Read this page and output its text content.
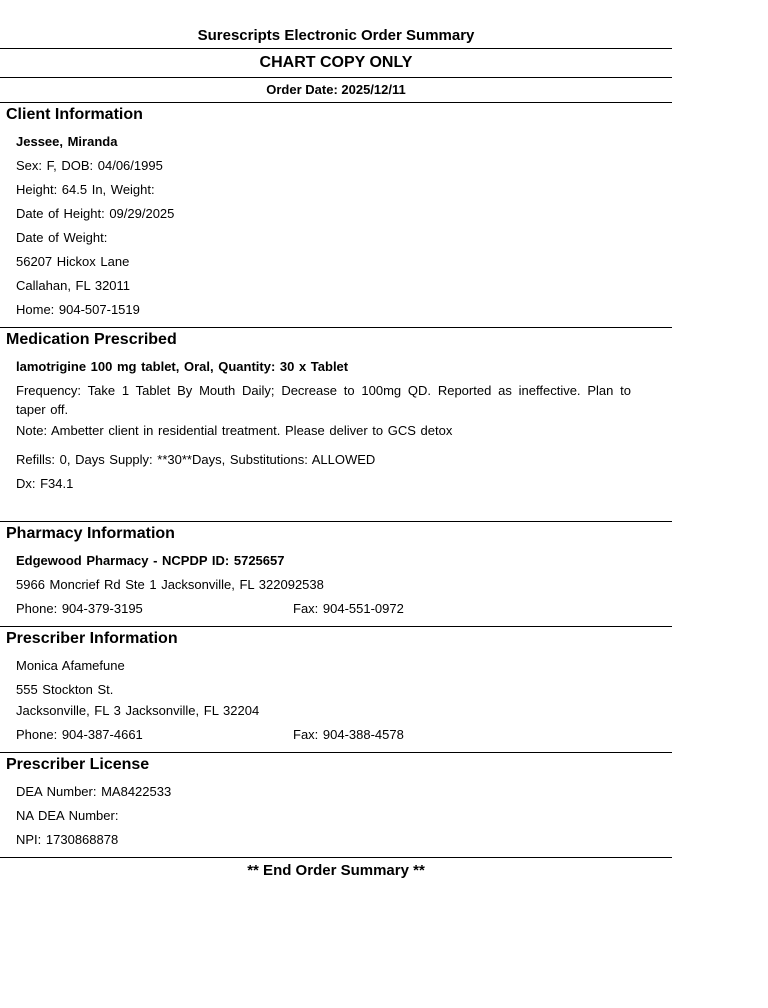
Surescripts Electronic Order Summary
CHART COPY ONLY
Order Date: 2025/12/11
Client Information
Jessee, Miranda
Sex: F, DOB: 04/06/1995
Height: 64.5 In, Weight:
Date of Height: 09/29/2025
Date of Weight:
56207 Hickox Lane
Callahan, FL 32011
Home: 904-507-1519
Medication Prescribed
lamotrigine 100 mg tablet, Oral, Quantity: 30 x Tablet
Frequency: Take 1 Tablet By Mouth Daily; Decrease to 100mg QD. Reported as ineffective. Plan to taper off.
Note: Ambetter client in residential treatment. Please deliver to GCS detox
Refills: 0, Days Supply: **30**Days, Substitutions: ALLOWED
Dx: F34.1
Pharmacy Information
Edgewood Pharmacy - NCPDP ID: 5725657
5966 Moncrief Rd Ste 1 Jacksonville, FL 322092538
Phone: 904-379-3195	Fax: 904-551-0972
Prescriber Information
Monica Afamefune
555 Stockton St.
Jacksonville, FL 3 Jacksonville, FL 32204
Phone: 904-387-4661	Fax: 904-388-4578
Prescriber License
DEA Number: MA8422533
NA DEA Number:
NPI: 1730868878
** End Order Summary **
